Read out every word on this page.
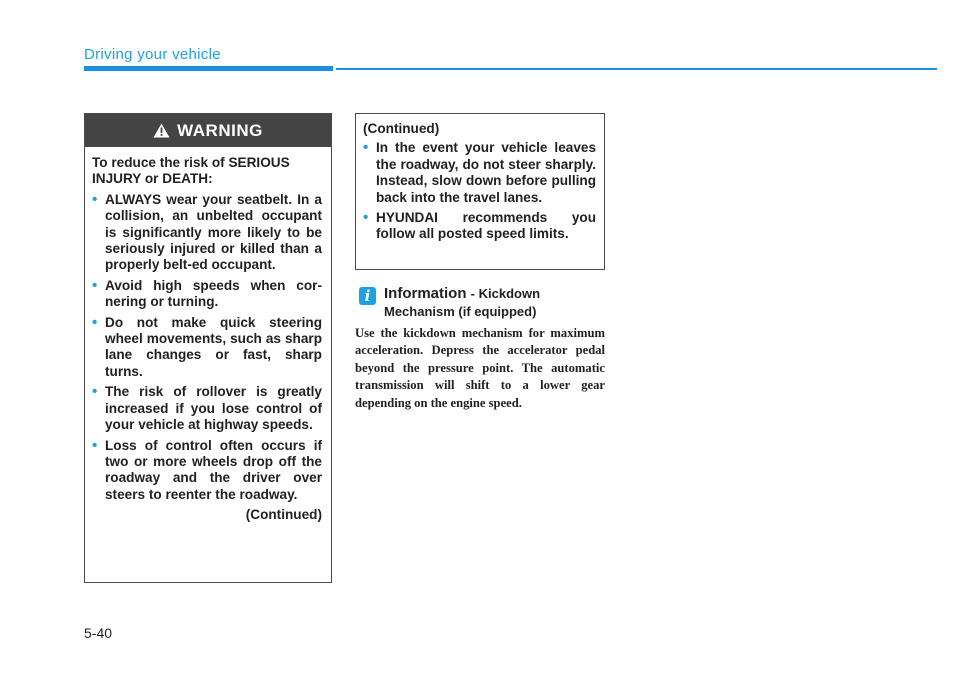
Driving your vehicle
WARNING

To reduce the risk of SERIOUS INJURY or DEATH:

• ALWAYS wear your seatbelt. In a collision, an unbelted occupant is significantly more likely to be seriously injured or killed than a properly belt-ed occupant.
• Avoid high speeds when cor-nering or turning.
• Do not make quick steering wheel movements, such as sharp lane changes or fast, sharp turns.
• The risk of rollover is greatly increased if you lose control of your vehicle at highway speeds.
• Loss of control often occurs if two or more wheels drop off the roadway and the driver over steers to reenter the roadway.
(Continued)
(Continued)
• In the event your vehicle leaves the roadway, do not steer sharply. Instead, slow down before pulling back into the travel lanes.
• HYUNDAI recommends you follow all posted speed limits.
i Information - Kickdown
Mechanism (if equipped)
Use the kickdown mechanism for maximum acceleration. Depress the accelerator pedal beyond the pressure point. The automatic transmission will shift to a lower gear depending on the engine speed.
5-40
